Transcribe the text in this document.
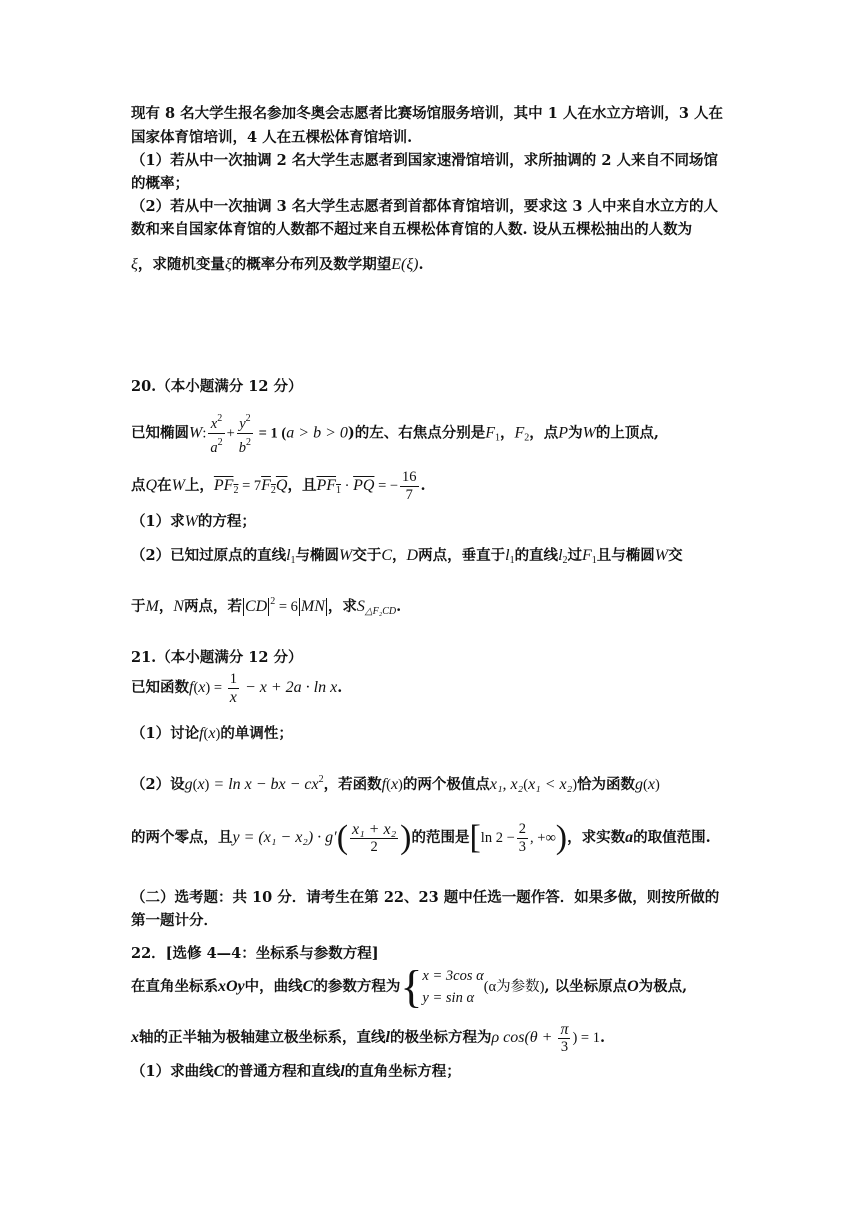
现有 8 名大学生报名参加冬奥会志愿者比赛场馆服务培训，其中 1 人在水立方培训，3 人在
国家体育馆培训，4 人在五棵松体育馆培训.
（1）若从中一次抽调 2 名大学生志愿者到国家速滑馆培训，求所抽调的 2 人来自不同场馆
的概率；
（2）若从中一次抽调 3 名大学生志愿者到首都体育馆培训，要求这 3 人中来自水立方的人
数和来自国家体育馆的人数都不超过来自五棵松体育馆的人数. 设从五棵松抽出的人数为
ξ，求随机变量ξ的概率分布列及数学期望E(ξ).
20.（本小题满分 12 分）
已知椭圆W: $\frac{x^2}{a^2} + \frac{y^2}{b^2} = 1$ (a > b > 0)的左、右焦点分别是$F_1$，$F_2$，点P为W的上顶点,
点Q在W上，$PF_2 = 7F_2Q$，且$PF_1 \cdot \overline{PQ}$ = − $\frac{16}{7}$ .
（1）求W的方程；
（2）已知过原点的直线$l_1$与椭圆W交于C，D两点，垂直于$l_1$的直线$l_2$过$F_1$且与椭圆W交
于M，N两点，若 CD $^2$ = 6 MN ，求$S_{\triangle F_2CD}$.
21.（本小题满分 12 分）
已知函数$f(x) = \frac{1}{x} - x + 2a \cdot \ln x$.
（1）讨论f(x)的单调性；
（2）设g(x) = ln x − bx − $cx^2$，若函数f(x)的两个极值点x₁, x₂(x₁ < x₂)恰为函数g(x)
的两个零点，且$y = (x_1 - x_2) \cdot g'( \frac{\text{x₁ + x₂}}{2}$ )的范围是[ln $2 - \frac{2}{3}$ , +∞)，求实数a的取值范围.
（二）选考题：共 10 分．请考生在第 22、23 题中任选一题作答．如果多做，则按所做的
第一题计分．
22．[选修 4—4：坐标系与参数方程]
在直角坐标系xOy中，曲线C的参数方程为{ x = 3cos α
y = sin α
(α为参数), 以坐标原点O为极点,
x轴的正半轴为极轴建立极坐标系，直线l的极坐标方程为ρ $\cos(\theta + \frac{\pi}{3}$ ) = 1.
（1）求曲线C的普通方程和直线l的直角坐标方程；
